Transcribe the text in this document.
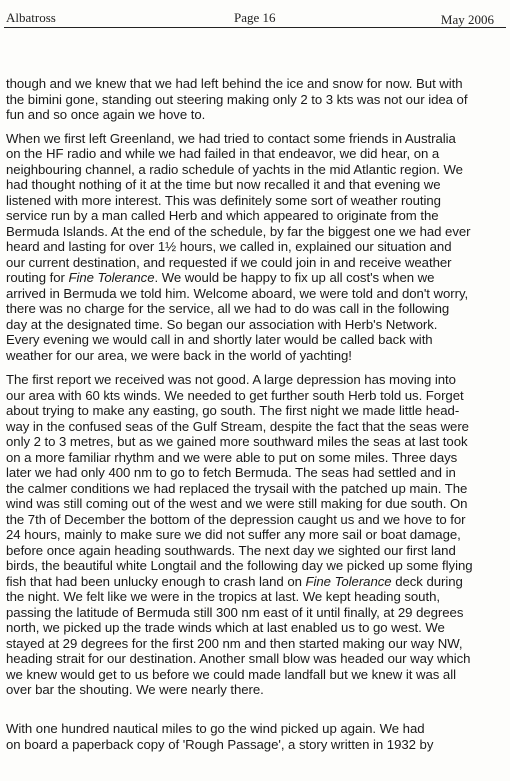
Albatross	Page 16	May 2006
though and we knew that we had left behind the ice and snow for now. But with
the bimini gone, standing out steering making only 2 to 3 kts was not our idea of
fun and so once again we hove to.
When we first left Greenland, we had tried to contact some friends in Australia
on the HF radio and while we had failed in that endeavor, we did hear, on a
neighbouring channel, a radio schedule of yachts in the mid Atlantic region. We
had thought nothing of it at the time but now recalled it and that evening we
listened with more interest. This was definitely some sort of weather routing
service run by a man called Herb and which appeared to originate from the
Bermuda Islands. At the end of the schedule, by far the biggest one we had ever
heard and lasting for over 1½ hours, we called in, explained our situation and
our current destination, and requested if we could join in and receive weather
routing for Fine Tolerance. We would be happy to fix up all cost's when we
arrived in Bermuda we told him. Welcome aboard, we were told and don't worry,
there was no charge for the service, all we had to do was call in the following
day at the designated time. So began our association with Herb's Network.
Every evening we would call in and shortly later would be called back with
weather for our area, we were back in the world of yachting!
The first report we received was not good. A large depression has moving into
our area with 60 kts winds. We needed to get further south Herb told us. Forget
about trying to make any easting, go south. The first night we made little head-
way in the confused seas of the Gulf Stream, despite the fact that the seas were
only 2 to 3 metres, but as we gained more southward miles the seas at last took
on a more familiar rhythm and we were able to put on some miles. Three days
later we had only 400 nm to go to fetch Bermuda. The seas had settled and in
the calmer conditions we had replaced the trysail with the patched up main. The
wind was still coming out of the west and we were still making for due south. On
the 7th of December the bottom of the depression caught us and we hove to for
24 hours, mainly to make sure we did not suffer any more sail or boat damage,
before once again heading southwards. The next day we sighted our first land
birds, the beautiful white Longtail and the following day we picked up some flying
fish that had been unlucky enough to crash land on Fine Tolerance deck during
the night. We felt like we were in the tropics at last. We kept heading south,
passing the latitude of Bermuda still 300 nm east of it until finally, at 29 degrees
north, we picked up the trade winds which at last enabled us to go west. We
stayed at 29 degrees for the first 200 nm and then started making our way NW,
heading strait for our destination. Another small blow was headed our way which
we knew would get to us before we could made landfall but we knew it was all
over bar the shouting. We were nearly there.
With one hundred nautical miles to go the wind picked up again. We had
on board a paperback copy of 'Rough Passage', a story written in 1932 by
